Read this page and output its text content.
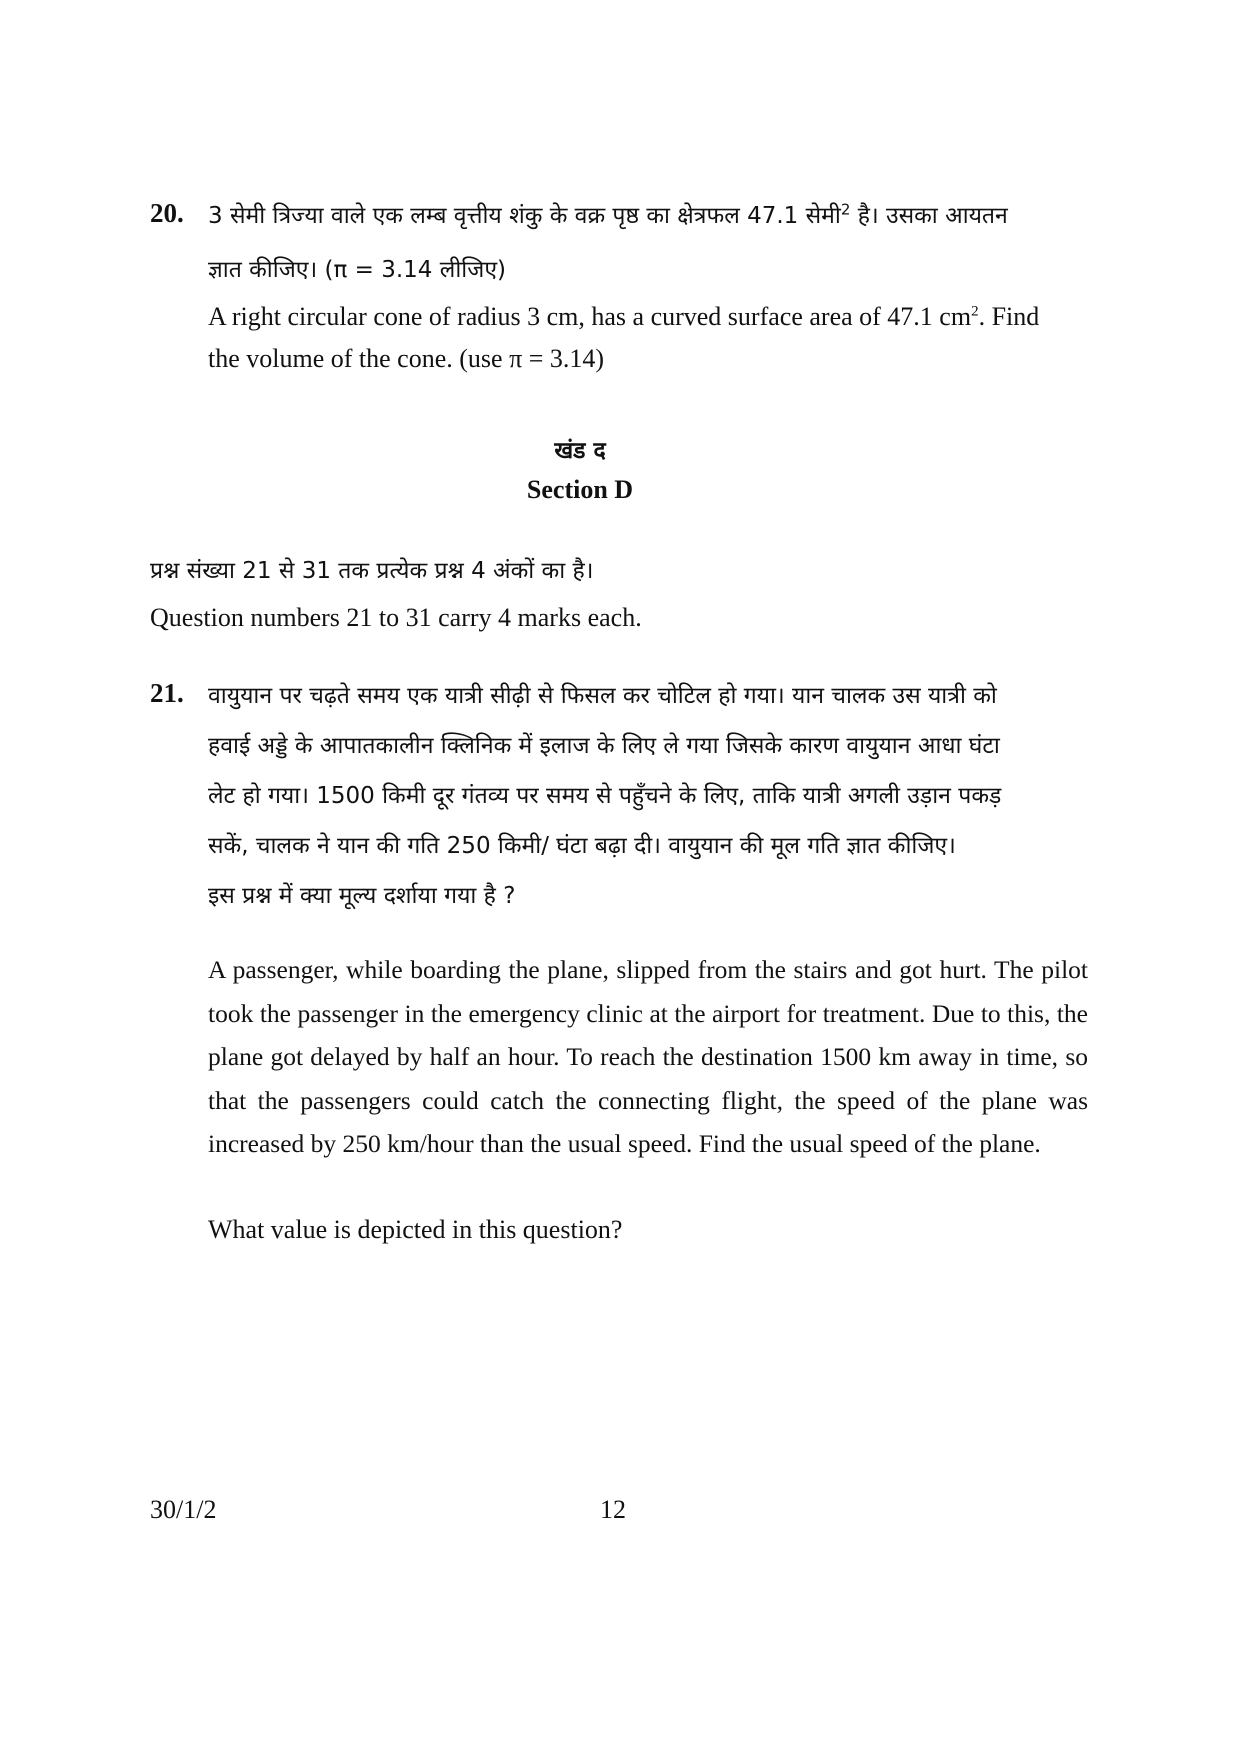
20. 3 सेमी त्रिज्या वाले एक लम्ब वृत्तीय शंकु के वक्र पृष्ठ का क्षेत्रफल 47.1 सेमी$^2$ है। उसका आयतन
ज्ञात कीजिए। (π = 3.14 लीजिए)
A right circular cone of radius 3 cm, has a curved surface area of 47.1 $cm^2$. Find
the volume of the cone. (use π = 3.14)
खंड द
Section D
प्रश्न संख्या 21 से 31 तक प्रत्येक प्रश्न 4 अंकों का है।
Question numbers 21 to 31 carry 4 marks each.
21. वायुयान पर चढ़ते समय एक यात्री सीढ़ी से फिसल कर चोटिल हो गया। यान चालक उस यात्री को
हवाई अड्डे के आपातकालीन क्लिनिक में इलाज के लिए ले गया जिसके कारण वायुयान आधा घंटा
लेट हो गया। 1500 किमी दूर गंतव्य पर समय से पहुँचने के लिए, ताकि यात्री अगली उड़ान पकड़
सकें, चालक ने यान की गति 250 किमी/ घंटा बढ़ा दी। वायुयान की मूल गति ज्ञात कीजिए।
इस प्रश्न में क्या मूल्य दर्शाया गया है ?
A passenger, while boarding the plane, slipped from the stairs and got hurt. The pilot took the passenger in the emergency clinic at the airport for treatment. Due to this, the plane got delayed by half an hour. To reach the destination 1500 km away in time, so that the passengers could catch the connecting flight, the speed of the plane was increased by 250 km/hour than the usual speed. Find the usual speed of the plane.
What value is depicted in this question?
30/1/2	12
